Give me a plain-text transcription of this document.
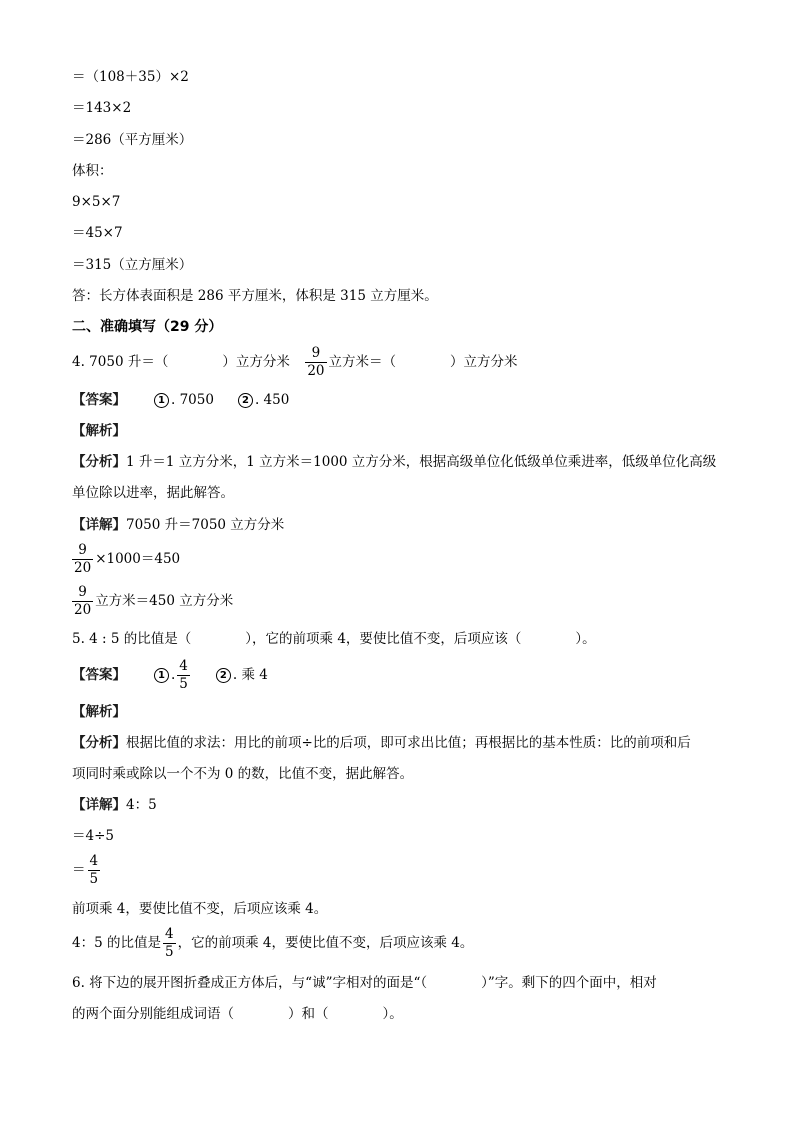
＝（108＋35）×2
＝143×2
＝286（平方厘米）
体积：
9×5×7
＝45×7
＝315（立方厘米）
答：长方体表面积是 286 平方厘米，体积是 315 立方厘米。
二、准确填写（29 分）
4. 7050 升＝（　　　　）立方分米　 $\frac{9}{20}$ 立方米＝（　　　　）立方分米
【答案】	1 . 7050	2 . 450
【解析】
【分析】1 升＝1 立方分米，1 立方米＝1000 立方分米，根据高级单位化低级单位乘进率，低级单位化高级
单位除以进率，据此解答。
【详解】7050 升＝7050 立方分米
$\frac{9}{20} \times 1000=450$
$\frac{9}{20}$ 立方米＝450 立方分米
5. 4 : 5 的比值是（　　　　），它的前项乘 4，要使比值不变，后项应该（　　　　）。
【答案】	1 . $\frac{4}{5}$	2 . 乘 4
【解析】
【分析】根据比值的求法：用比的前项÷比的后项，即可求出比值；再根据比的基本性质：比的前项和后
项同时乘或除以一个不为 0 的数，比值不变，据此解答。
【详解】4：5
＝4÷5
＝ $\frac{4}{5}$
前项乘 4，要使比值不变，后项应该乘 4。
4：5 的比值是 $\frac{4}{5}$ ，它的前项乘 4，要使比值不变，后项应该乘 4。
6. 将下边的展开图折叠成正方体后，与“诚”字相对的面是“（　　　　）”字。剩下的四个面中，相对
的两个面分别能组成词语（　　　　）和（　　　　）。
